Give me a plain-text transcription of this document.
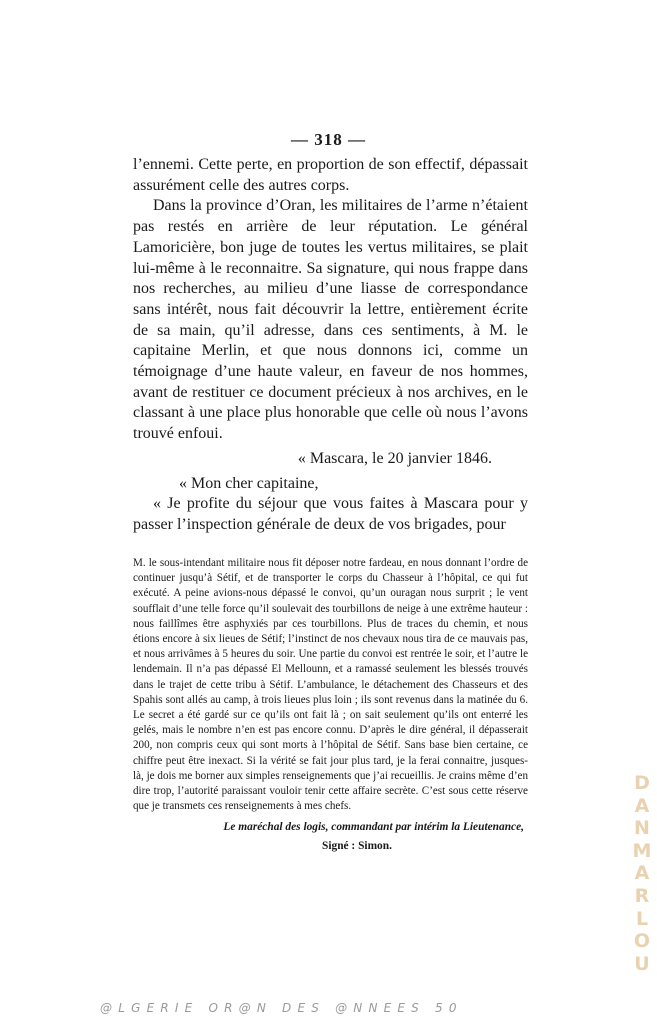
— 318 —

l’ennemi. Cette perte, en proportion de son effectif, dépassait assurément celle des autres corps.

Dans la province d’Oran, les militaires de l’arme n’étaient pas restés en arrière de leur réputation. Le général Lamoricière, bon juge de toutes les vertus militaires, se plait lui-même à le reconnaitre. Sa signature, qui nous frappe dans nos recherches, au milieu d’une liasse de correspondance sans intérêt, nous fait découvrir la lettre, entièrement écrite de sa main, qu’il adresse, dans ces sentiments, à M. le capitaine Merlin, et que nous donnons ici, comme un témoignage d’une haute valeur, en faveur de nos hommes, avant de restituer ce document précieux à nos archives, en le classant à une place plus honorable que celle où nous l’avons trouvé enfoui.

« Mascara, le 20 janvier 1846.

« Mon cher capitaine,

« Je profite du séjour que vous faites à Mascara pour y passer l’inspection générale de deux de vos brigades, pour

M. le sous-intendant militaire nous fit déposer notre fardeau, en nous donnant l’ordre de continuer jusqu’à Sétif, et de transporter le corps du Chasseur à l’hôpital, ce qui fut exécuté. A peine avions-nous dépassé le convoi, qu’un ouragan nous surprit ; le vent soufflait d’une telle force qu’il soulevait des tourbillons de neige à une extrême hauteur : nous faillîmes être asphyxiés par ces tourbillons. Plus de traces du chemin, et nous étions encore à six lieues de Sétif; l’instinct de nos chevaux nous tira de ce mauvais pas, et nous arrivâmes à 5 heures du soir. Une partie du convoi est rentrée le soir, et l’autre le lendemain. Il n’a pas dépassé El Mellounn, et a ramassé seulement les blessés trouvés dans le trajet de cette tribu à Sétif. L’ambulance, le détachement des Chasseurs et des Spahis sont allés au camp, à trois lieues plus loin ; ils sont revenus dans la matinée du 6. Le secret a été gardé sur ce qu’ils ont fait là ; on sait seulement qu’ils ont enterré les gelés, mais le nombre n’en est pas encore connu. D’après le dire général, il dépasserait 200, non compris ceux qui sont morts à l’hôpital de Sétif. Sans base bien certaine, ce chiffre peut être inexact. Si la vérité se fait jour plus tard, je la ferai connaitre, jusques-là, je dois me borner aux simples renseignements que j’ai recueillis. Je crains même d’en dire trop, l’autorité paraissant vouloir tenir cette affaire secrète. C’est sous cette réserve que je transmets ces renseignements à mes chefs.

Le maréchal des logis, commandant par intérim la Lieutenance,

Signé : Simon.

D
A
N
M
A
R
L
O
U
@LGERIE OR@N DES @NNEES 50
